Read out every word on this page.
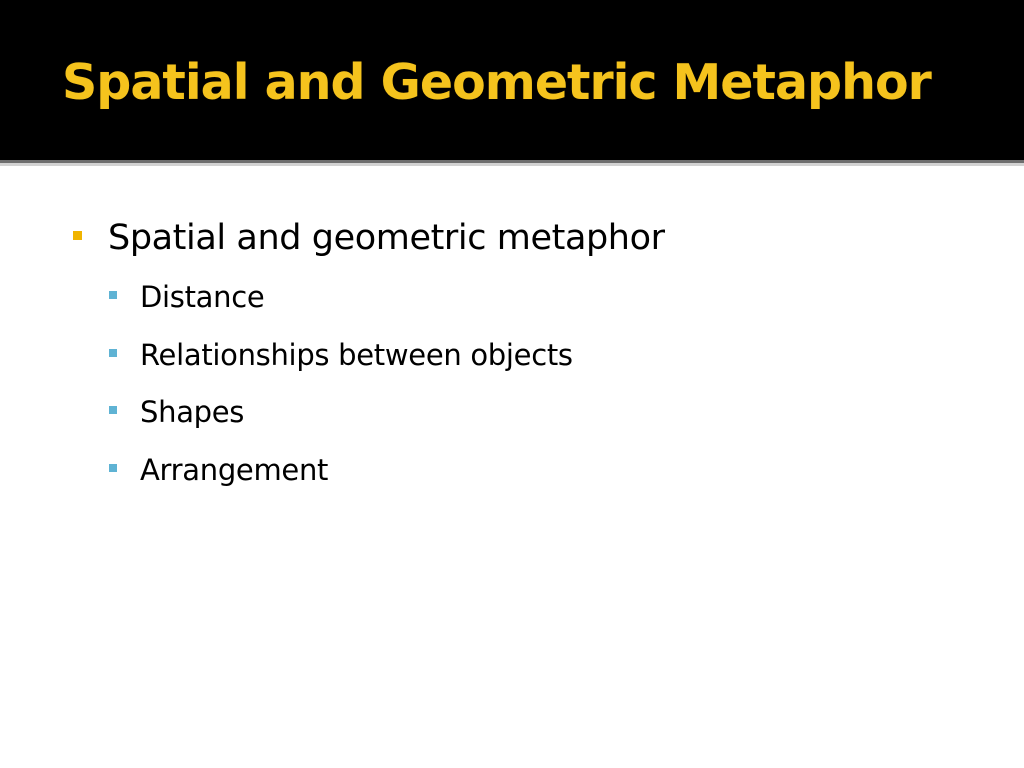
Spatial and Geometric Metaphor
Spatial and geometric metaphor
Distance
Relationships between objects
Shapes
Arrangement
